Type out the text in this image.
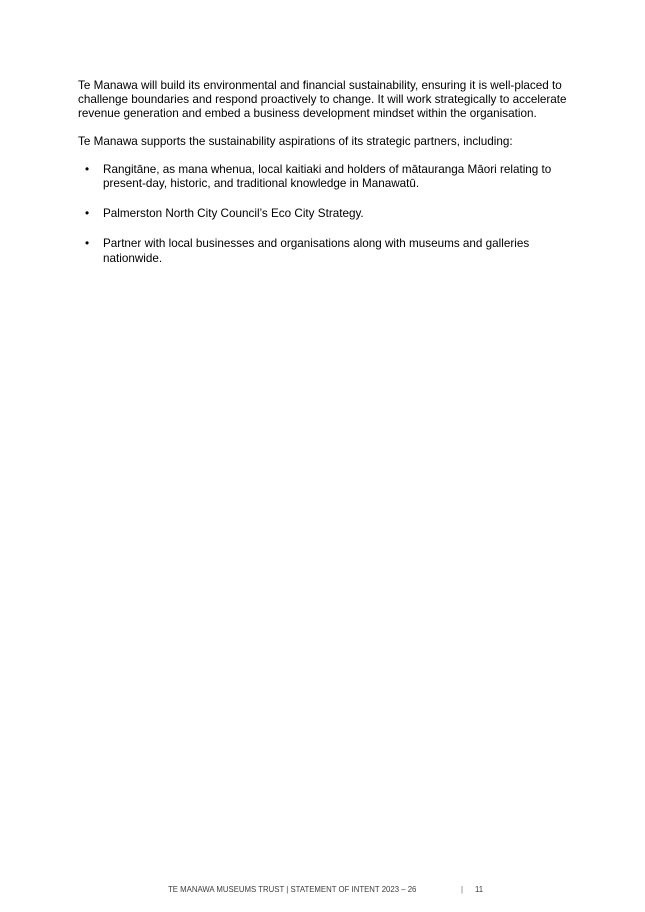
Te Manawa will build its environmental and financial sustainability, ensuring it is well-placed to challenge boundaries and respond proactively to change. It will work strategically to accelerate revenue generation and embed a business development mindset within the organisation.

Te Manawa supports the sustainability aspirations of its strategic partners, including:

• Rangitāne, as mana whenua, local kaitiaki and holders of mātauranga Māori relating to present-day, historic, and traditional knowledge in Manawatū.
• Palmerston North City Council’s Eco City Strategy.
• Partner with local businesses and organisations along with museums and galleries nationwide.
TE MANAWA MUSEUMS TRUST | STATEMENT OF INTENT 2023 – 26	| 11
